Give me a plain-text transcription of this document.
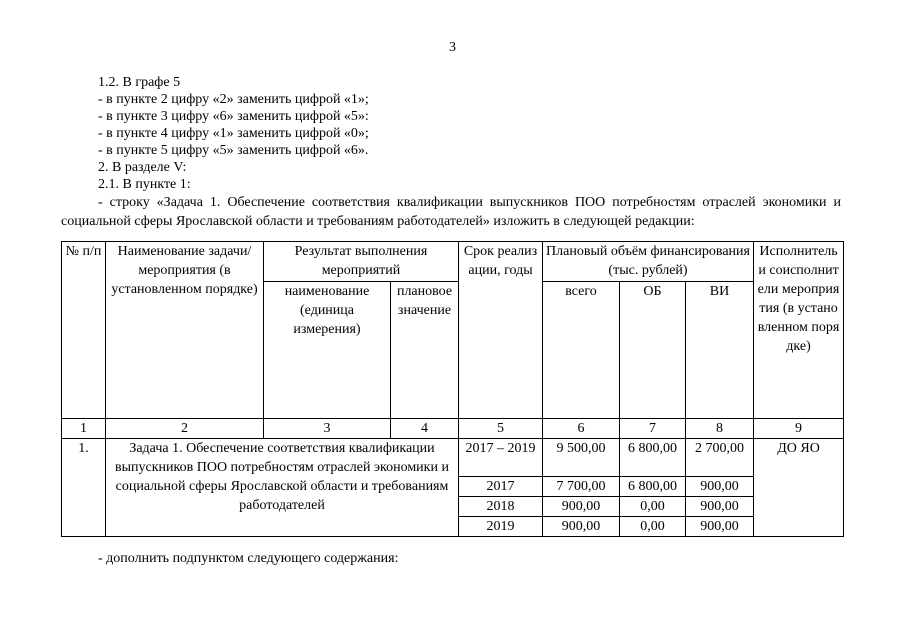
3

1.2. В графе 5

- в пункте 2 цифру «2» заменить цифрой «1»;

- в пункте 3 цифру «6» заменить цифрой «5»:

- в пункте 4 цифру «1» заменить цифрой «0»;

- в пункте 5 цифру «5» заменить цифрой «6».

2. В разделе V:

2.1. В пункте 1:

- строку «Задача 1. Обеспечение соответствия квалификации выпускников ПОО потребностям отраслей экономики и социальной сферы Ярославской области и требованиям работодателей» изложить в следующей редакции:

№ п/п	Наименование задачи/мероприятия (в установленном порядке)	Результат выполнения мероприятий		Срок реализации, годы	Плановый объём финансирования (тыс. рублей)			Исполнитель и соисполнители мероприятия (в установленном порядке)
		наименование (единица измерения)	плановое значение		всего	ОБ	ВИ	
1	2	3	4	5	6	7	8	9
1.	Задача 1. Обеспечение соответствия квалификации выпускников ПОО потребностям отраслей экономики и социальной сферы Ярославской области и требованиям работодателей			2017 – 2019	9 500,00	6 800,00	2 700,00	ДО ЯО
				2017	7 700,00	6 800,00	900,00	
				2018	900,00	0,00	900,00	
				2019	900,00	0,00	900,00	
- дополнить подпунктом следующего содержания:
